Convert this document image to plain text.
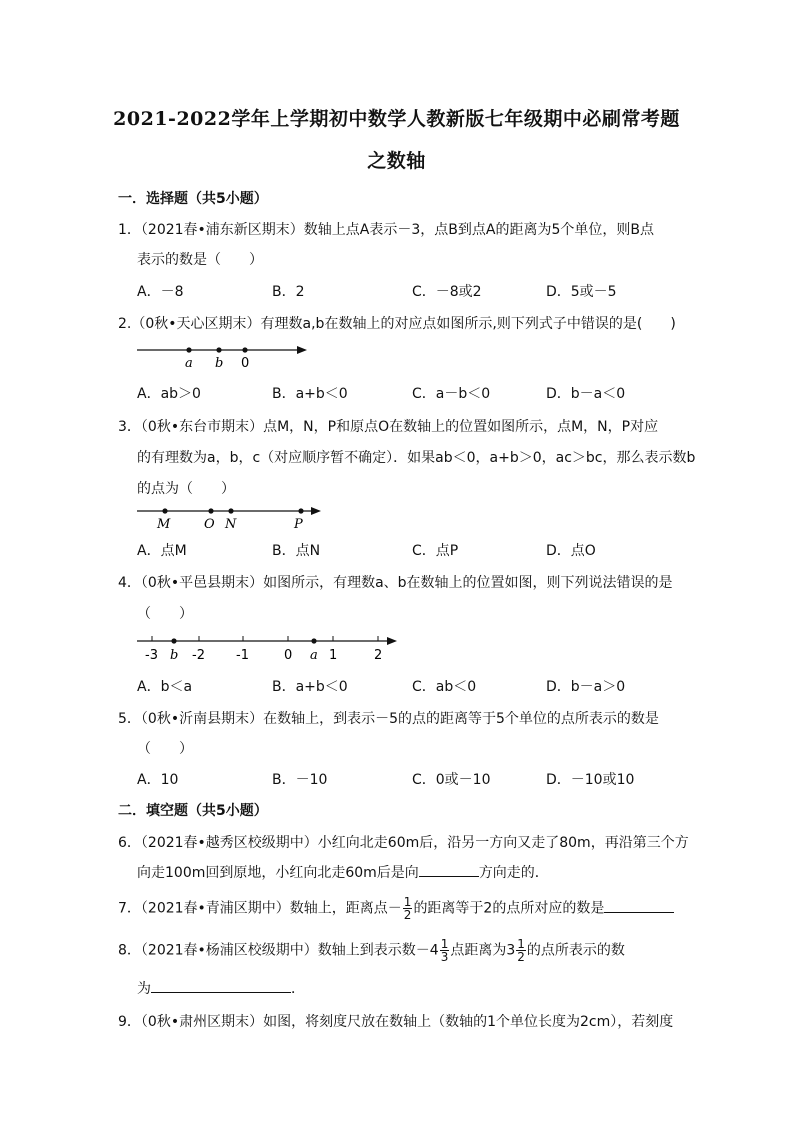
2021-2022学年上学期初中数学人教新版七年级期中必刷常考题
之数轴
一．选择题（共5小题）
1．（2021春•浦东新区期末）数轴上点A表示－3，点B到点A的距离为5个单位，则B点
表示的数是（　　）
A．－8	B．2	C．－8或2	D．5或－5
2.（0秋•天心区期末）有理数a,b在数轴上的对应点如图所示,则下列式子中错误的是(　　)
a b 0
A．ab＞0	B．a+b＜0	C．a－b＜0	D．b－a＜0
3．（0秋•东台市期末）点M，N，P和原点O在数轴上的位置如图所示，点M，N，P对应
的有理数为a，b，c（对应顺序暂不确定）．如果ab＜0，a+b＞0，ac＞bc，那么表示数b
的点为（　　）
M	O N	P
A．点M	B．点N	C．点P	D．点O
4．（0秋•平邑县期末）如图所示，有理数a、b在数轴上的位置如图，则下列说法错误的是
（　　）
-3 b -2 -1	0 a 1	2
A．b＜a	B．a+b＜0	C．ab＜0	D．b－a＞0
5．（0秋•沂南县期末）在数轴上，到表示－5的点的距离等于5个单位的点所表示的数是
（　　）
A．10	B．－10	C．0或－10	D．－10或10
二．填空题（共5小题）
6．（2021春•越秀区校级期中）小红向北走60m后，沿另一方向又走了80m，再沿第三个方
向走100m回到原地，小红向北走60m后是向	方向走的．
7．（2021春•青浦区期中）数轴上，距离点－ $\frac{1}{2}$ 的距离等于2的点所对应的数是
8．（2021春•杨浦区校级期中）数轴上到表示数$-4 \frac{1}{3}$ 点距离为$3 \frac{1}{2}$ 的点所表示的数
为	．
9．（0秋•肃州区期末）如图，将刻度尺放在数轴上（数轴的1个单位长度为2cm），若刻度
